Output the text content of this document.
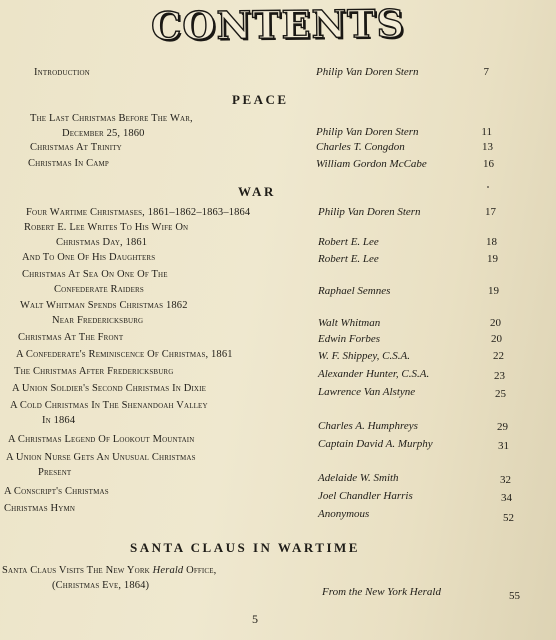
CONTENTS
Introduction	Philip Van Doren Stern	7
PEACE
The Last Christmas Before The War,
December 25, 1860	Philip Van Doren Stern	11
Christmas At Trinity	Charles T. Congdon	13
Christmas In Camp	William Gordon McCabe	16
WAR
Four Wartime Christmases, 1861–1862–1863–1864	Philip Van Doren Stern	17
Robert E. Lee Writes To His Wife On
Christmas Day, 1861	Robert E. Lee	18
And To One Of His Daughters	Robert E. Lee	19
Christmas At Sea On One Of The
Confederate Raiders	Raphael Semnes	19
Walt Whitman Spends Christmas 1862
Near Fredericksburg	Walt Whitman	20
Christmas At The Front	Edwin Forbes	20
A Confederate's Reminiscence Of Christmas, 1861	W. F. Shippey, C.S.A.	22
The Christmas After Fredericksburg	Alexander Hunter, C.S.A.	23
A Union Soldier's Second Christmas In Dixie	Lawrence Van Alstyne	25
A Cold Christmas In The Shenandoah Valley
In 1864	Charles A. Humphreys	29
A Christmas Legend Of Lookout Mountain	Captain David A. Murphy	31
A Union Nurse Gets An Unusual Christmas
Present	Adelaide W. Smith	32
A Conscript's Christmas	Joel Chandler Harris	34
Christmas Hymn	Anonymous	52
SANTA CLAUS IN WARTIME
Santa Claus Visits The New York Herald Office,
(Christmas Eve, 1864)
From the New York Herald	55
5
